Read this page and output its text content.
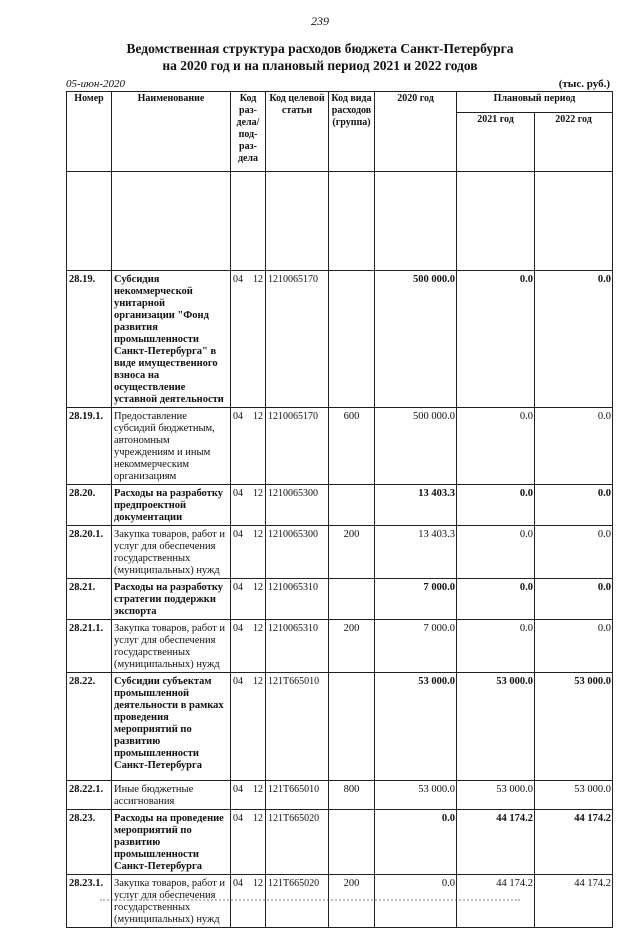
239
Ведомственная структура расходов бюджета Санкт-Петербурга
на 2020 год и на плановый период 2021 и 2022 годов
05-июн-2020	(тыс. руб.)
Номер	Наименование	Код раз- дела/ под- раз- дела	Код целевой статьи	Код вида расходов (группа)	2020 год	Плановый период	
						2021 год	2022 год

28.19.	Субсидия некоммерческой унитарной организации "Фонд развития промышленности Санкт-Петербурга" в виде имущественного взноса на осуществление уставной деятельности	04 12	1210065170		500 000.0	0.0	0.0
28.19.1.	Предоставление субсидий бюджетным, автономным учреждениям и иным некоммерческим организациям	04 12	1210065170	600	500 000.0	0.0	0.0
28.20.	Расходы на разработку предпроектной документации	04 12	1210065300		13 403.3	0.0	0.0
28.20.1.	Закупка товаров, работ и услуг для обеспечения государственных (муниципальных) нужд	04 12	1210065300	200	13 403.3	0.0	0.0
28.21.	Расходы на разработку стратегии поддержки экспорта	04 12	1210065310		7 000.0	0.0	0.0
28.21.1.	Закупка товаров, работ и услуг для обеспечения государственных (муниципальных) нужд	04 12	1210065310	200	7 000.0	0.0	0.0
28.22.	Субсидии субъектам промышленной деятельности в рамках проведения мероприятий по развитию промышленности Санкт-Петербурга	04 12	121Т665010		53 000.0	53 000.0	53 000.0
28.22.1.	Иные бюджетные ассигнования	04 12	121Т665010	800	53 000.0	53 000.0	53 000.0
28.23.	Расходы на проведение мероприятий по развитию промышленности Санкт-Петербурга	04 12	121Т665020		0.0	44 174.2	44 174.2
28.23.1.	Закупка товаров, работ и услуг для обеспечения государственных (муниципальных) нужд	04 12	121Т665020	200	0.0	44 174.2	44 174.2
